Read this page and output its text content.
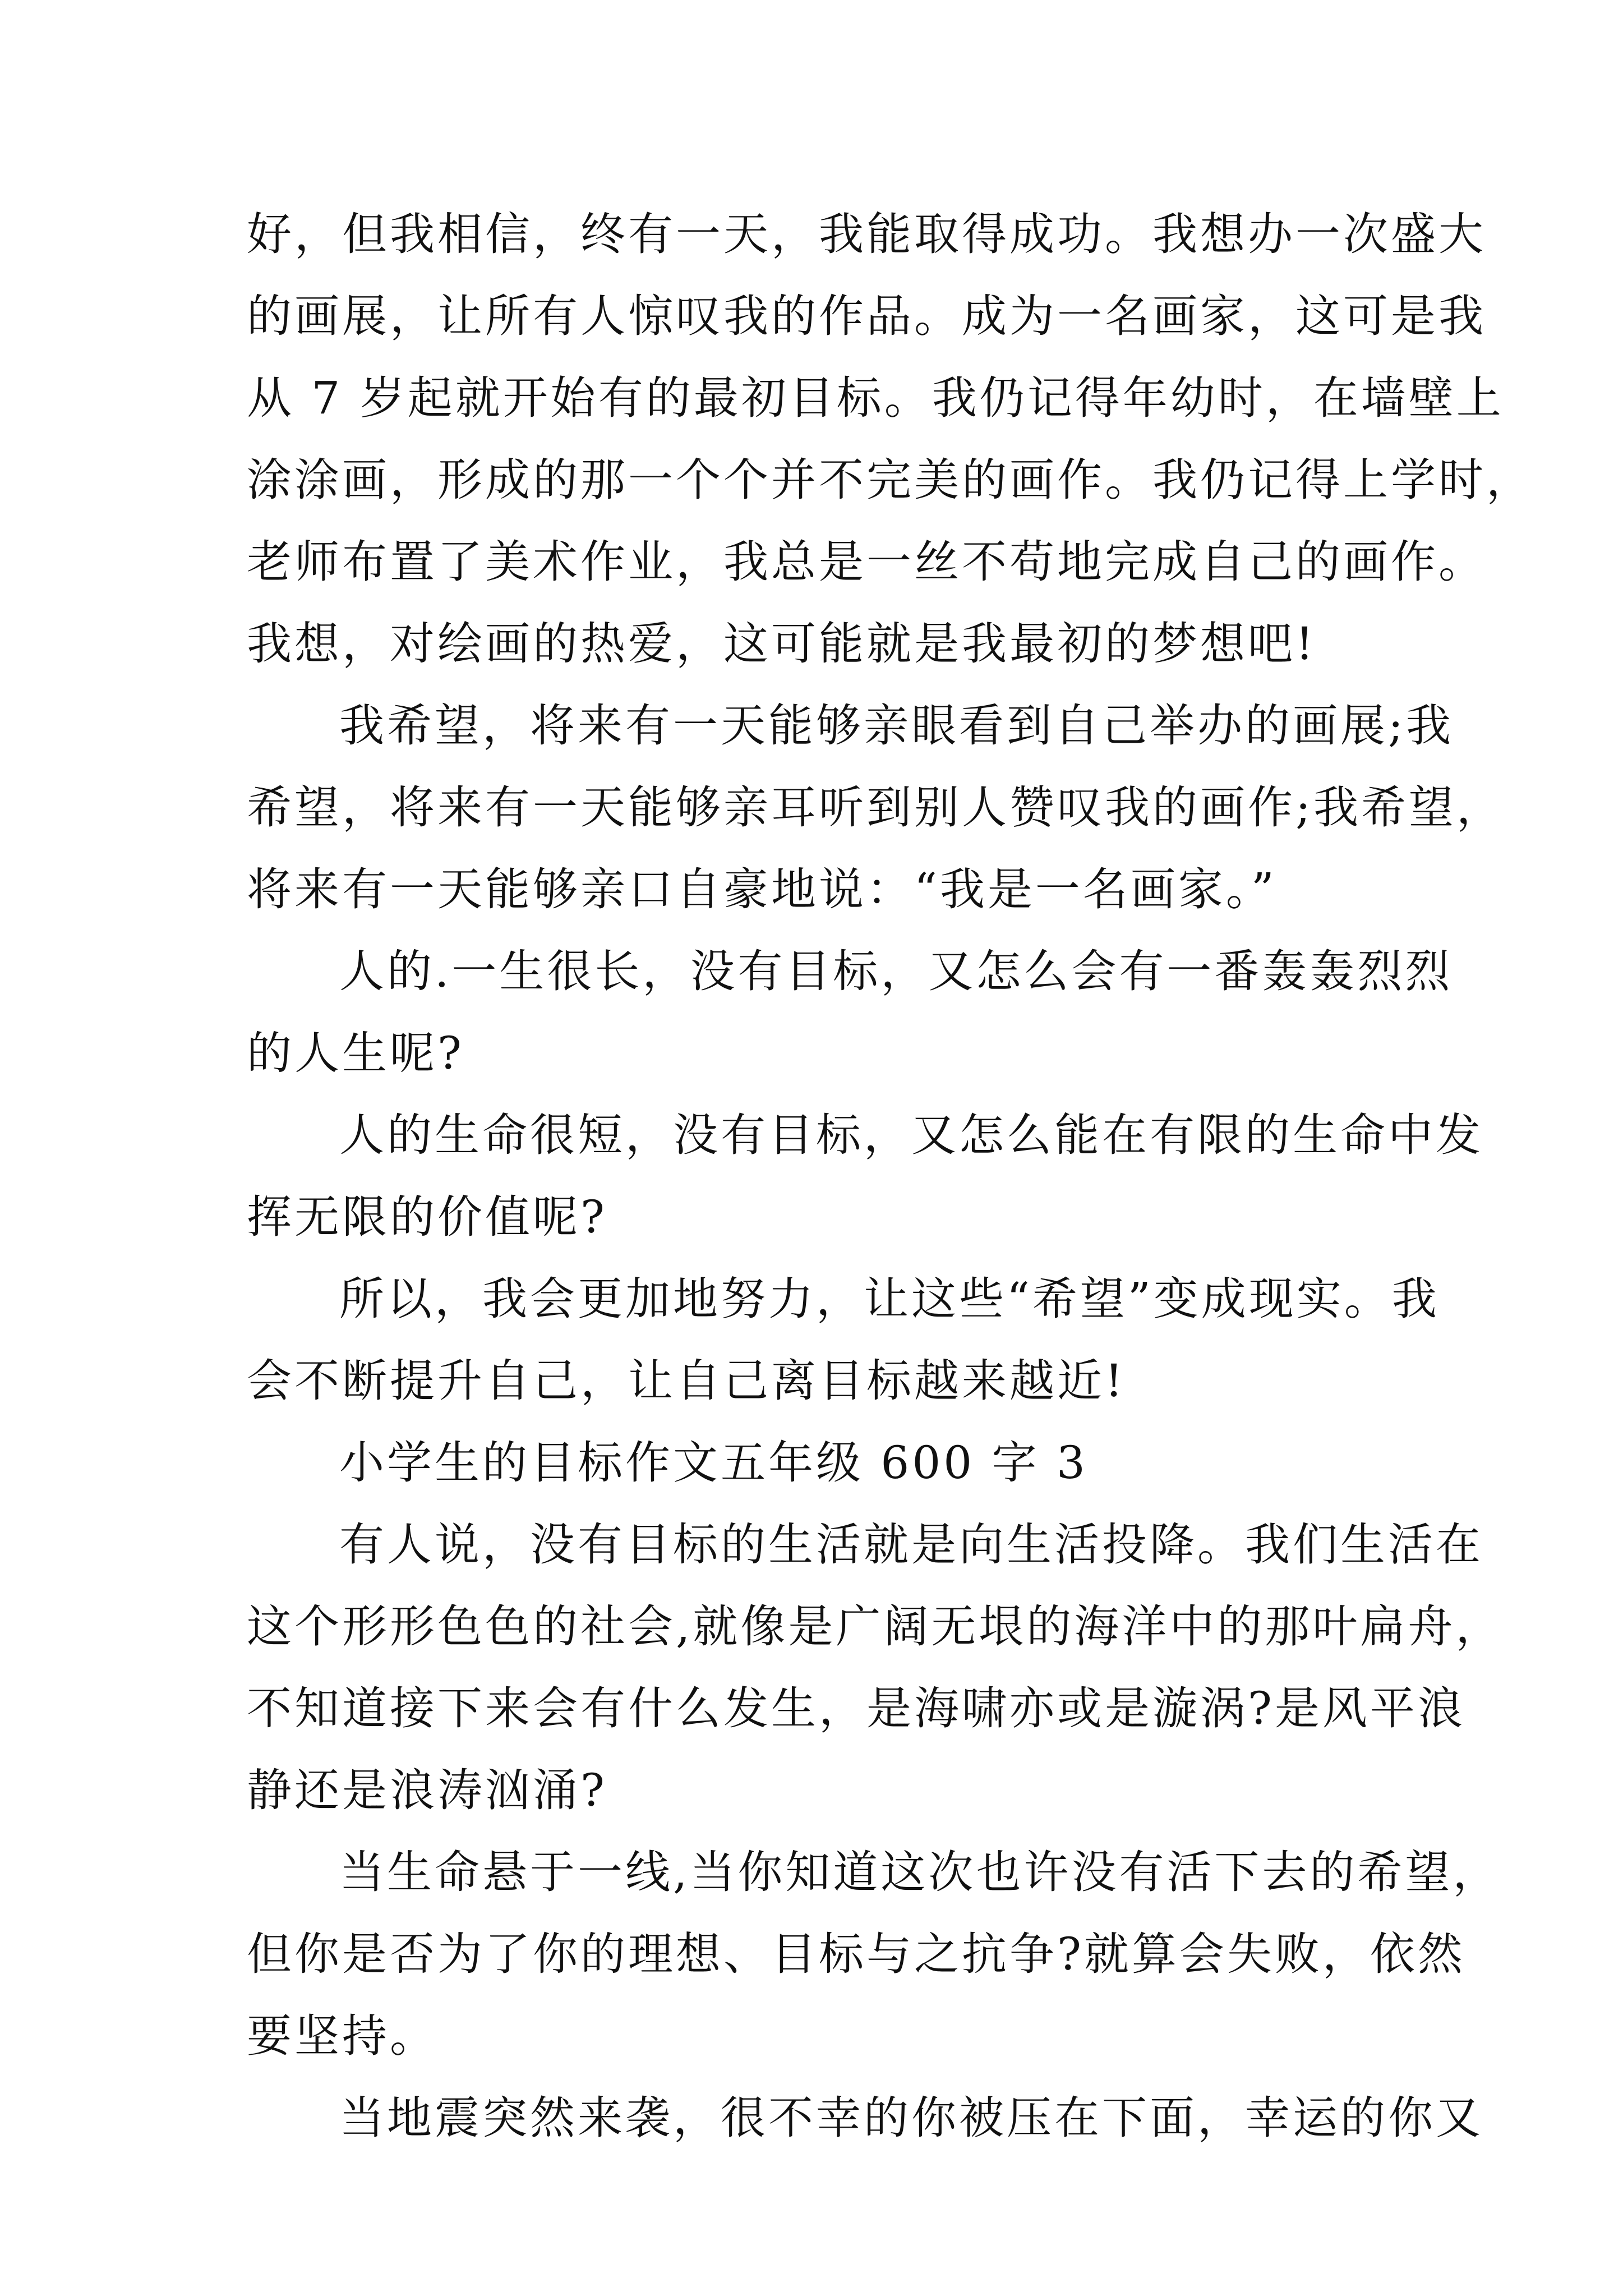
好，但我相信，终有一天，我能取得成功。我想办一次盛大
的画展，让所有人惊叹我的作品。成为一名画家，这可是我
从 7 岁起就开始有的最初目标。我仍记得年幼时，在墙壁上
涂涂画，形成的那一个个并不完美的画作。我仍记得上学时，
老师布置了美术作业，我总是一丝不苟地完成自己的画作。
我想，对绘画的热爱，这可能就是我最初的梦想吧!
我希望，将来有一天能够亲眼看到自己举办的画展;我
希望，将来有一天能够亲耳听到别人赞叹我的画作;我希望，
将来有一天能够亲口自豪地说：“我是一名画家。”
人的.一生很长，没有目标，又怎么会有一番轰轰烈烈
的人生呢?
人的生命很短，没有目标，又怎么能在有限的生命中发
挥无限的价值呢?
所以，我会更加地努力，让这些“希望”变成现实。我
会不断提升自己，让自己离目标越来越近!
小学生的目标作文五年级 600 字 3
有人说，没有目标的生活就是向生活投降。我们生活在
这个形形色色的社会,就像是广阔无垠的海洋中的那叶扁舟，
不知道接下来会有什么发生，是海啸亦或是漩涡?是风平浪
静还是浪涛汹涌?
当生命悬于一线,当你知道这次也许没有活下去的希望，
但你是否为了你的理想、目标与之抗争?就算会失败，依然
要坚持。
当地震突然来袭，很不幸的你被压在下面，幸运的你又
